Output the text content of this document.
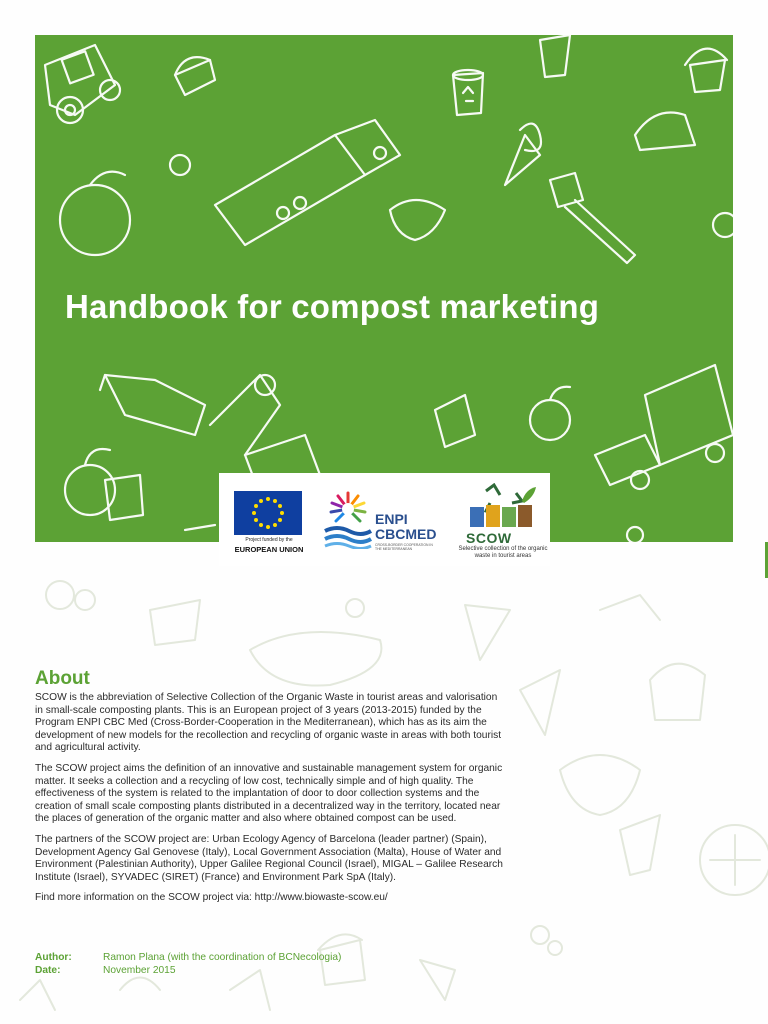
Handbook for compost marketing
Project funded by the
EUROPEAN UNION
ENPI
CBCMED
CROSS-BORDER COOPERATION IN THE MEDITERRANEAN
SCOW
Selective collection of the organic waste in tourist areas
About

SCOW is the abbreviation of Selective Collection of the Organic Waste in tourist areas and valorisation in small-scale composting plants. This is an European project of 3 years (2013-2015) funded by the Program ENPI CBC Med (Cross-Border-Cooperation in the Mediterranean), which has as its aim the development of new models for the recollection and recycling of organic waste in areas with both tourist and agricultural activity.

The SCOW project aims the definition of an innovative and sustainable management system for organic matter. It seeks a collection and a recycling of low cost, technically simple and of high quality. The effectiveness of the system is related to the implantation of door to door collection systems and the creation of small scale composting plants distributed in a decentralized way in the territory, located near the places of generation of the organic matter and also where obtained compost can be used.

The partners of the SCOW project are: Urban Ecology Agency of Barcelona (leader partner) (Spain), Development Agency Gal Genovese (Italy), Local Government Association (Malta), House of Water and Environment (Palestinian Authority), Upper Galilee Regional Council (Israel), MIGAL – Galilee Research Institute (Israel), SYVADEC (SIRET) (France) and Environment Park SpA (Italy).

Find more information on the SCOW project via: http://www.biowaste-scow.eu/

Author:	Ramon Plana (with the coordination of BCNecologia)
Date:	November 2015
